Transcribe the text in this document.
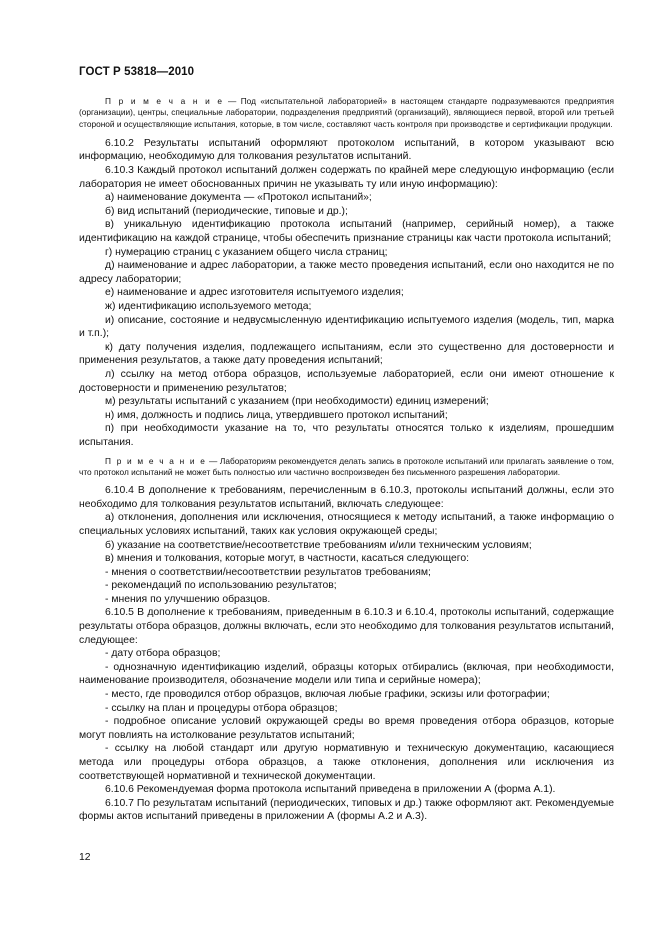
ГОСТ Р 53818—2010

П р и м е ч а н и е — Под «испытательной лабораторией» в настоящем стандарте подразумеваются предприятия (организации), центры, специальные лаборатории, подразделения предприятий (организаций), являющиеся первой, второй или третьей стороной и осуществляющие испытания, которые, в том числе, составляют часть контроля при производстве и сертификации продукции.

6.10.2 Результаты испытаний оформляют протоколом испытаний, в котором указывают всю информацию, необходимую для толкования результатов испытаний.

6.10.3 Каждый протокол испытаний должен содержать по крайней мере следующую информацию (если лаборатория не имеет обоснованных причин не указывать ту или иную информацию):

а) наименование документа — «Протокол испытаний»;

б) вид испытаний (периодические, типовые и др.);

в) уникальную идентификацию протокола испытаний (например, серийный номер), а также идентификацию на каждой странице, чтобы обеспечить признание страницы как части протокола испытаний;

г) нумерацию страниц с указанием общего числа страниц;

д) наименование и адрес лаборатории, а также место проведения испытаний, если оно находится не по адресу лаборатории;

е) наименование и адрес изготовителя испытуемого изделия;

ж) идентификацию используемого метода;

и) описание, состояние и недвусмысленную идентификацию испытуемого изделия (модель, тип, марка и т.п.);

к) дату получения изделия, подлежащего испытаниям, если это существенно для достоверности и применения результатов, а также дату проведения испытаний;

л) ссылку на метод отбора образцов, используемые лабораторией, если они имеют отношение к достоверности и применению результатов;

м) результаты испытаний с указанием (при необходимости) единиц измерений;

н) имя, должность и подпись лица, утвердившего протокол испытаний;

п) при необходимости указание на то, что результаты относятся только к изделиям, прошедшим испытания.

П р и м е ч а н и е — Лабораториям рекомендуется делать запись в протоколе испытаний или прилагать заявление о том, что протокол испытаний не может быть полностью или частично воспроизведен без письменного разрешения лаборатории.

6.10.4 В дополнение к требованиям, перечисленным в 6.10.3, протоколы испытаний должны, если это необходимо для толкования результатов испытаний, включать следующее:

а) отклонения, дополнения или исключения, относящиеся к методу испытаний, а также информацию о специальных условиях испытаний, таких как условия окружающей среды;

б) указание на соответствие/несоответствие требованиям и/или техническим условиям;

в) мнения и толкования, которые могут, в частности, касаться следующего:

- мнения о соответствии/несоответствии результатов требованиям;

- рекомендаций по использованию результатов;

- мнения по улучшению образцов.

6.10.5 В дополнение к требованиям, приведенным в 6.10.3 и 6.10.4, протоколы испытаний, содержащие результаты отбора образцов, должны включать, если это необходимо для толкования результатов испытаний, следующее:

- дату отбора образцов;

- однозначную идентификацию изделий, образцы которых отбирались (включая, при необходимости, наименование производителя, обозначение модели или типа и серийные номера);

- место, где проводился отбор образцов, включая любые графики, эскизы или фотографии;

- ссылку на план и процедуры отбора образцов;

- подробное описание условий окружающей среды во время проведения отбора образцов, которые могут повлиять на истолкование результатов испытаний;

- ссылку на любой стандарт или другую нормативную и техническую документацию, касающиеся метода или процедуры отбора образцов, а также отклонения, дополнения или исключения из соответствующей нормативной и технической документации.

6.10.6 Рекомендуемая форма протокола испытаний приведена в приложении А (форма А.1).

6.10.7 По результатам испытаний (периодических, типовых и др.) также оформляют акт. Рекомендуемые формы актов испытаний приведены в приложении А (формы А.2 и А.3).

12
